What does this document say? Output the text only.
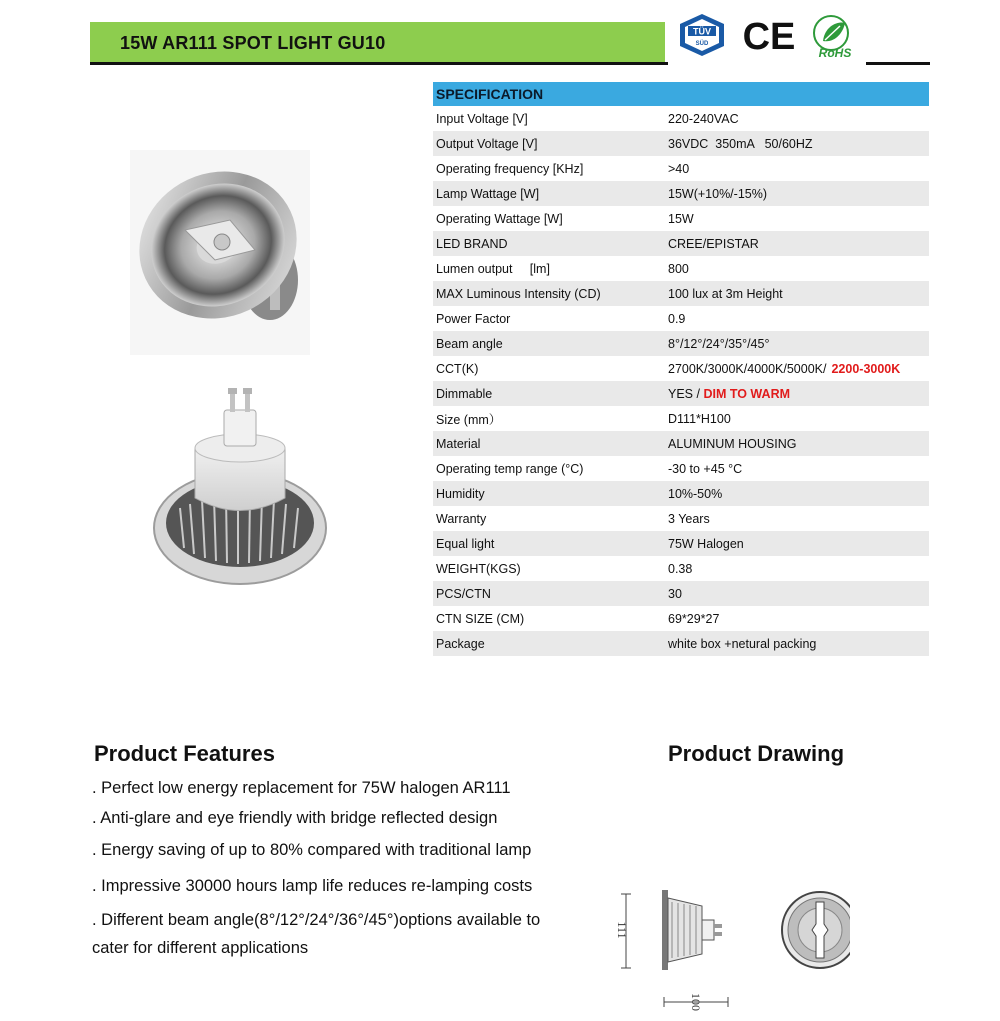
15W AR111 SPOT LIGHT GU10
TÜV
SÜD CE RoHS
SPECIFICATION	
Input Voltage [V]	220-240VAC
Output Voltage [V]	36VDC  350mA   50/60HZ
Operating frequency [KHz]	>40
Lamp Wattage [W]	15W(+10%/-15%)
Operating Wattage [W]	15W
LED BRAND	CREE/EPISTAR
Lumen output     [lm]	800
MAX Luminous Intensity (CD)	100 lux at 3m Height
Power Factor	0.9
Beam angle	8°/12°/24°/35°/45°
CCT(K)	2700K/3000K/4000K/5000K/ 2200-3000K
Dimmable	YES / DIM TO WARM
Size (mm）	D111*H100
Material	ALUMINUM HOUSING
Operating temp range (°C)	-30 to +45 °C
Humidity	10%-50%
Warranty	3 Years
Equal light	75W Halogen
WEIGHT(KGS)	0.38
PCS/CTN	30
CTN SIZE (CM)	69*29*27
Package	white box +netural packing
Product Features	Product Drawing
. Perfect low energy replacement for 75W halogen AR111
. Anti-glare and eye friendly with bridge reflected design
. Energy saving of up to 80% compared with traditional lamp
. Impressive 30000 hours lamp life reduces re-lamping costs
. Different beam angle(8°/12°/24°/36°/45°)options available to
cater for different applications
111
100
